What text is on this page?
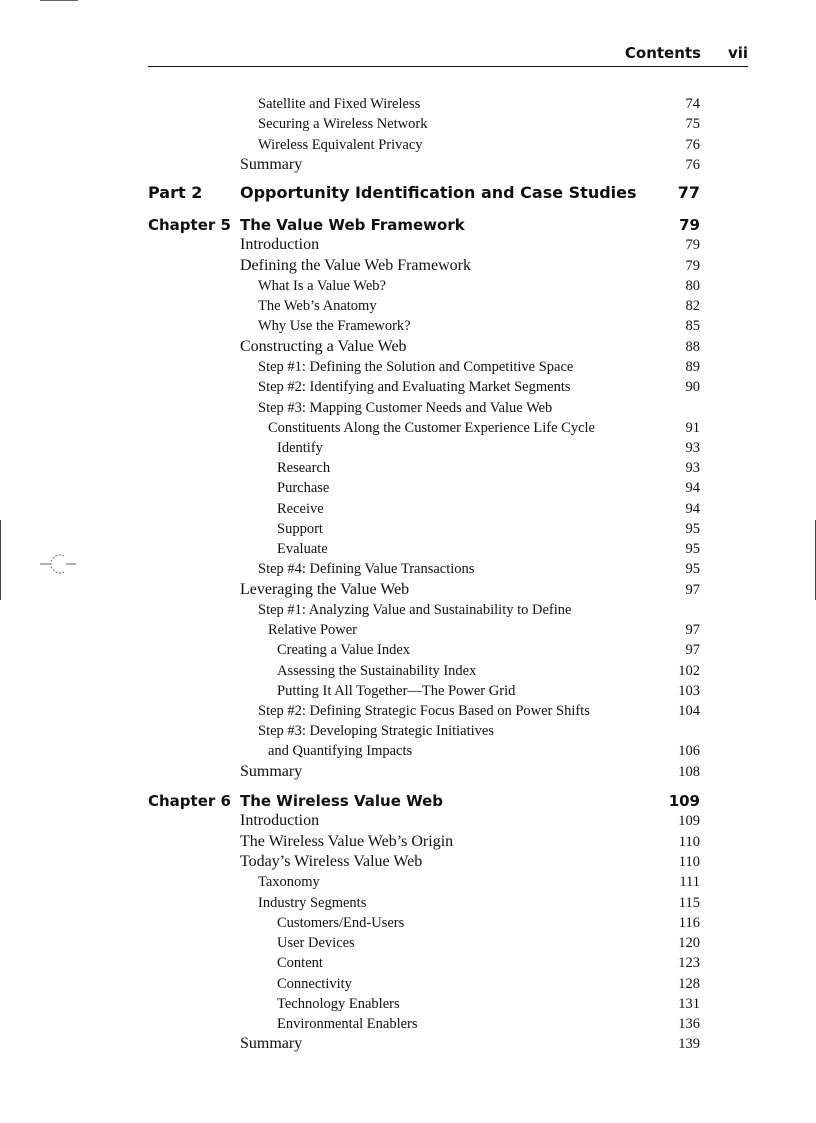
Contents vii
Satellite and Fixed Wireless	74
Securing a Wireless Network	75
Wireless Equivalent Privacy	76
Summary	76
Part 2 Opportunity Identification and Case Studies	77
Chapter 5 The Value Web Framework	79
Introduction	79
Defining the Value Web Framework	79
What Is a Value Web?	80
The Web’s Anatomy	82
Why Use the Framework?	85
Constructing a Value Web	88
Step #1: Defining the Solution and Competitive Space	89
Step #2: Identifying and Evaluating Market Segments	90
Step #3: Mapping Customer Needs and Value Web
Constituents Along the Customer Experience Life Cycle	91
Identify	93
Research	93
Purchase	94
Receive	94
Support	95
Evaluate	95
Step #4: Defining Value Transactions	95
Leveraging the Value Web	97
Step #1: Analyzing Value and Sustainability to Define
Relative Power	97
Creating a Value Index	97
Assessing the Sustainability Index	102
Putting It All Together—The Power Grid	103
Step #2: Defining Strategic Focus Based on Power Shifts	104
Step #3: Developing Strategic Initiatives
and Quantifying Impacts	106
Summary	108
Chapter 6 The Wireless Value Web	109
Introduction	109
The Wireless Value Web’s Origin	110
Today’s Wireless Value Web	110
Taxonomy	111
Industry Segments	115
Customers/End-Users	116
User Devices	120
Content	123
Connectivity	128
Technology Enablers	131
Environmental Enablers	136
Summary	139
